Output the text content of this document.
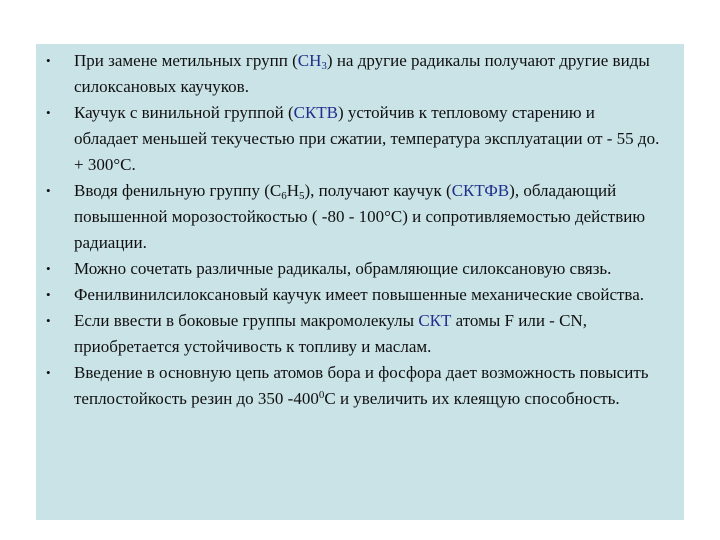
• При замене метильных групп $(CH_3)$ на другие радикалы получают другие виды силоксановых каучуков.
• Каучук с винильной группой (СКТВ) устойчив к тепловому старению и обладает меньшей текучестью при сжатии, температура эксплуатации от - 55 до. + 300°С.
• Вводя фенильную группу $(С_6Н_5)$, получают каучук (СКТФВ), обладающий повышенной морозостойкостью ( -80 - 100°С) и сопротивляемостью действию радиации.
• Можно сочетать различные радикалы, обрамляющие силоксановую связь.
• Фенилвинилсилоксановый каучук имеет повышенные механические свойства.
• Если ввести в боковые группы макромолекулы СКТ атомы F или - CN, приобретается устойчивость к топливу и маслам.
• Введение в основную цепь атомов бора и фосфора дает возможность повысить теплостойкость резин до 350 $-400^0С$ и увеличить их клеящую способность.
